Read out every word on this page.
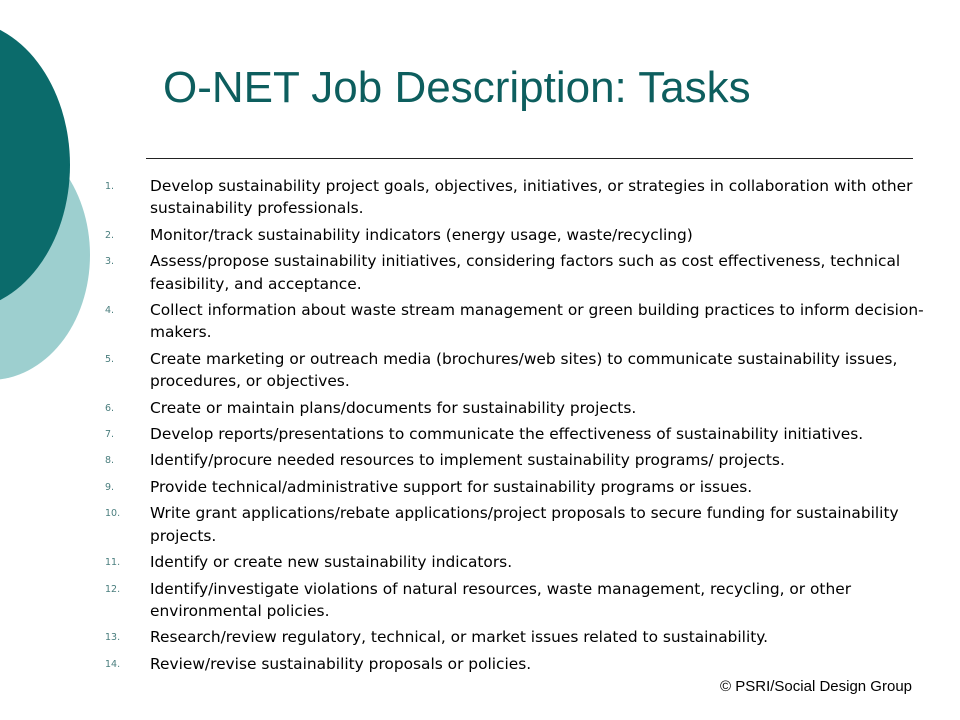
O-NET Job Description: Tasks
1. Develop sustainability project goals, objectives, initiatives, or strategies in collaboration with other sustainability professionals.
2. Monitor/track sustainability indicators (energy usage, waste/recycling)
3. Assess/propose sustainability initiatives, considering factors such as cost effectiveness, technical feasibility, and acceptance.
4. Collect information about waste stream management or green building practices to inform decision-makers.
5. Create marketing or outreach media (brochures/web sites) to communicate sustainability issues, procedures, or objectives.
6. Create or maintain plans/documents for sustainability projects.
7. Develop reports/presentations to communicate the effectiveness of sustainability initiatives.
8. Identify/procure needed resources to implement sustainability programs/ projects.
9. Provide technical/administrative support for sustainability programs or issues.
10. Write grant applications/rebate applications/project proposals to secure funding for sustainability projects.
11. Identify or create new sustainability indicators.
12. Identify/investigate violations of natural resources, waste management, recycling, or other environmental policies.
13. Research/review regulatory, technical, or market issues related to sustainability.
14. Review/revise sustainability proposals or policies.
© PSRI/Social Design Group
